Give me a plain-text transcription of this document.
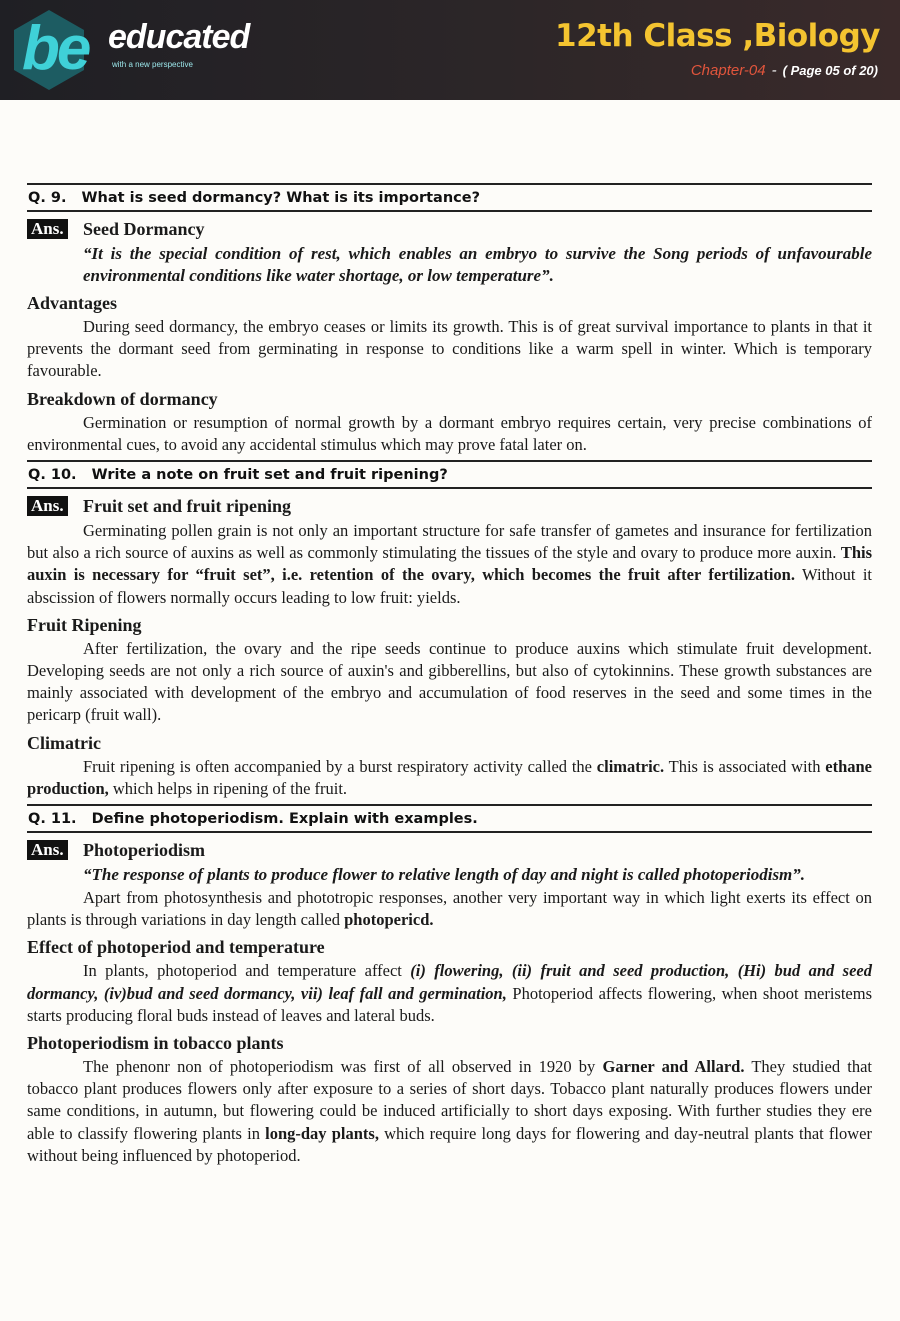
be educated
with a new perspective
12th Class ,Biology
Chapter-04 - ( Page 05 of 20)
Q. 9. What is seed dormancy? What is its importance?
Ans. Seed Dormancy
“It is the special condition of rest, which enables an embryo to survive the Song periods of unfavourable environmental conditions like water shortage, or low temperature”.
Advantages

During seed dormancy, the embryo ceases or limits its growth. This is of great survival importance to plants in that it prevents the dormant seed from germinating in response to conditions like a warm spell in winter. Which is temporary favourable.

Breakdown of dormancy

Germination or resumption of normal growth by a dormant embryo requires certain, very precise combinations of environmental cues, to avoid any accidental stimulus which may prove fatal later on.

Q. 10. Write a note on fruit set and fruit ripening?
Ans. Fruit set and fruit ripening

Germinating pollen grain is not only an important structure for safe transfer of gametes and insurance for fertilization but also a rich source of auxins as well as commonly stimulating the tissues of the style and ovary to produce more auxin. This auxin is necessary for “fruit set”, i.e. retention of the ovary, which becomes the fruit after fertilization. Without it abscission of flowers normally occurs leading to low fruit: yields.

Fruit Ripening

After fertilization, the ovary and the ripe seeds continue to produce auxins which stimulate fruit development. Developing seeds are not only a rich source of auxin's and gibberellins, but also of cytokinnins. These growth substances are mainly associated with development of the embryo and accumulation of food reserves in the seed and some times in the pericarp (fruit wall).

Climatric

Fruit ripening is often accompanied by a burst respiratory activity called the climatric. This is associated with ethane production, which helps in ripening of the fruit.

Q. 11. Define photoperiodism. Explain with examples.
Ans. Photoperiodism
“The response of plants to produce flower to relative length of day and night is called photoperiodism”.

Apart from photosynthesis and phototropic responses, another very important way in which light exerts its effect on plants is through variations in day length called photopericd.

Effect of photoperiod and temperature

In plants, photoperiod and temperature affect (i) flowering, (ii) fruit and seed production, (Hi) bud and seed dormancy, (iv)bud and seed dormancy, vii) leaf fall and germination, Photoperiod affects flowering, when shoot meristems starts producing floral buds instead of leaves and lateral buds.

Photoperiodism in tobacco plants

The phenonr non of photoperiodism was first of all observed in 1920 by Garner and Allard. They studied that tobacco plant produces flowers only after exposure to a series of short days. Tobacco plant naturally produces flowers under same conditions, in autumn, but flowering could be induced artificially to short days exposing. With further studies they ere able to classify flowering plants in long-day plants, which require long days for flowering and day-neutral plants that flower without being influenced by photoperiod.
